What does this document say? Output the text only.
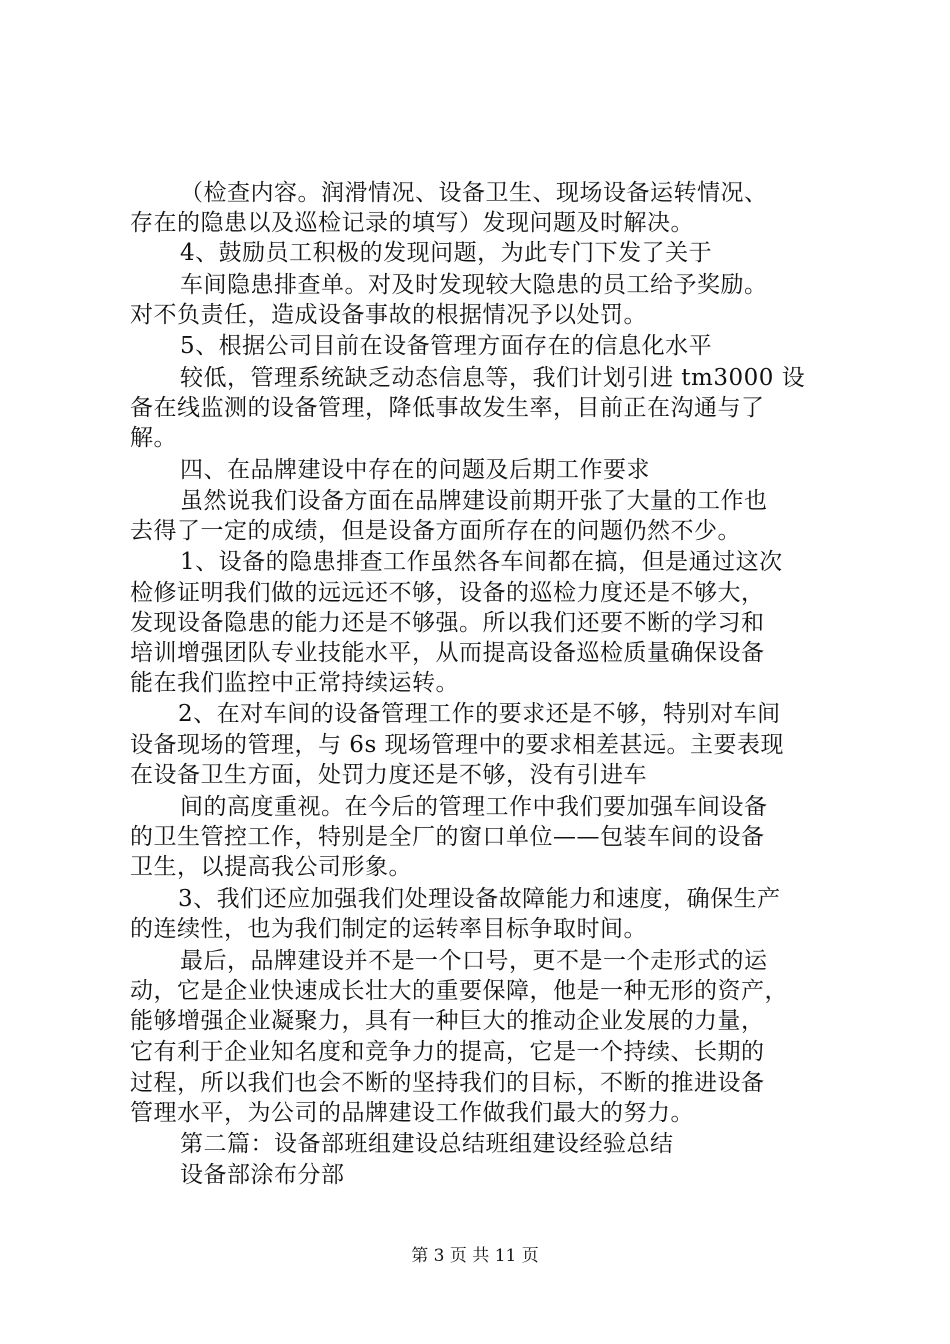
（检查内容。润滑情况、设备卫生、现场设备运转情况、

存在的隐患以及巡检记录的填写）发现问题及时解决。

4、鼓励员工积极的发现问题，为此专门下发了关于

车间隐患排查单。对及时发现较大隐患的员工给予奖励。

对不负责任，造成设备事故的根据情况予以处罚。

5、根据公司目前在设备管理方面存在的信息化水平

较低，管理系统缺乏动态信息等，我们计划引进 tm3000 设

备在线监测的设备管理，降低事故发生率，目前正在沟通与了

解。

四、在品牌建设中存在的问题及后期工作要求

虽然说我们设备方面在品牌建设前期开张了大量的工作也

去得了一定的成绩，但是设备方面所存在的问题仍然不少。

1、设备的隐患排查工作虽然各车间都在搞，但是通过这次

检修证明我们做的远远还不够，设备的巡检力度还是不够大，

发现设备隐患的能力还是不够强。所以我们还要不断的学习和

培训增强团队专业技能水平，从而提高设备巡检质量确保设备

能在我们监控中正常持续运转。

2、在对车间的设备管理工作的要求还是不够，特别对车间

设备现场的管理，与 6s 现场管理中的要求相差甚远。主要表现

在设备卫生方面，处罚力度还是不够，没有引进车

间的高度重视。在今后的管理工作中我们要加强车间设备

的卫生管控工作，特别是全厂的窗口单位——包装车间的设备

卫生，以提高我公司形象。

3、我们还应加强我们处理设备故障能力和速度，确保生产

的连续性，也为我们制定的运转率目标争取时间。

最后，品牌建设并不是一个口号，更不是一个走形式的运

动，它是企业快速成长壮大的重要保障，他是一种无形的资产，

能够增强企业凝聚力，具有一种巨大的推动企业发展的力量，

它有利于企业知名度和竞争力的提高，它是一个持续、长期的

过程，所以我们也会不断的坚持我们的目标，不断的推进设备

管理水平，为公司的品牌建设工作做我们最大的努力。

第二篇：设备部班组建设总结班组建设经验总结

设备部涂布分部

第 3 页 共 11 页
